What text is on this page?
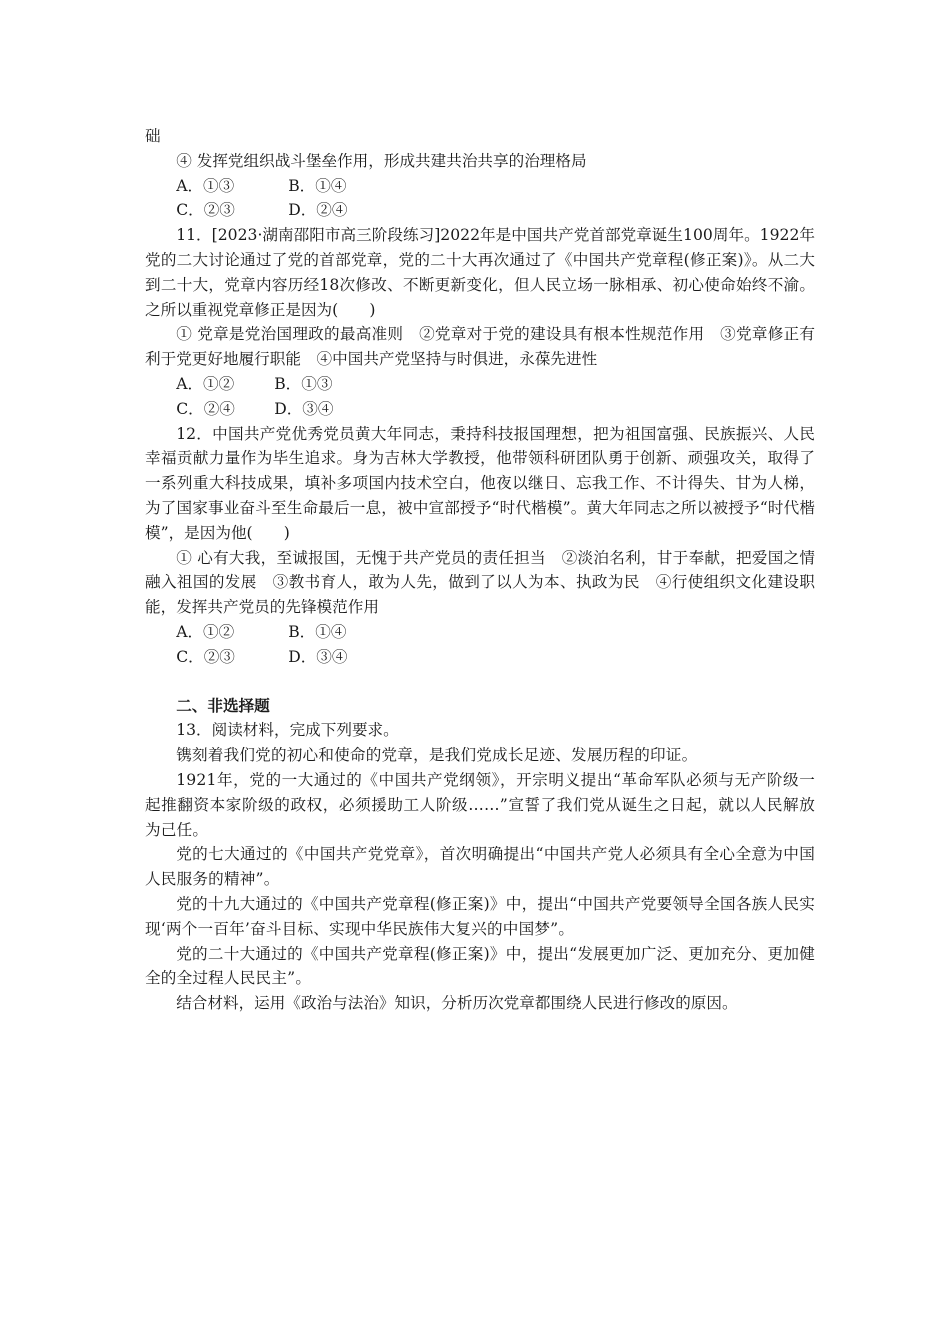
础

④ 发挥党组织战斗堡垒作用，形成共建共治共享的治理格局

A．①③	B．①④
C．②③	D．②④

11．[2023·湖南邵阳市高三阶段练习]2022年是中国共产党首部党章诞生100周年。1922年党的二大讨论通过了党的首部党章，党的二十大再次通过了《中国共产党章程(修正案)》。从二大到二十大，党章内容历经18次修改、不断更新变化，但人民立场一脉相承、初心使命始终不渝。之所以重视党章修正是因为(　　)

① 党章是党治国理政的最高准则　②党章对于党的建设具有根本性规范作用　③党章修正有利于党更好地履行职能　④中国共产党坚持与时俱进，永葆先进性

A．①②	B．①③
C．②④	D．③④

12．中国共产党优秀党员黄大年同志，秉持科技报国理想，把为祖国富强、民族振兴、人民幸福贡献力量作为毕生追求。身为吉林大学教授，他带领科研团队勇于创新、顽强攻关，取得了一系列重大科技成果，填补多项国内技术空白，他夜以继日、忘我工作、不计得失、甘为人梯，为了国家事业奋斗至生命最后一息，被中宣部授予“时代楷模”。黄大年同志之所以被授予“时代楷模”，是因为他(　　)

① 心有大我，至诚报国，无愧于共产党员的责任担当　②淡泊名利，甘于奉献，把爱国之情融入祖国的发展　③教书育人，敢为人先，做到了以人为本、执政为民　④行使组织文化建设职能，发挥共产党员的先锋模范作用

A．①②	B．①④
C．②③	D．③④

二、非选择题

13．阅读材料，完成下列要求。

镌刻着我们党的初心和使命的党章，是我们党成长足迹、发展历程的印证。

1921年，党的一大通过的《中国共产党纲领》，开宗明义提出“革命军队必须与无产阶级一起推翻资本家阶级的政权，必须援助工人阶级……”宣誓了我们党从诞生之日起，就以人民解放为己任。

党的七大通过的《中国共产党党章》，首次明确提出“中国共产党人必须具有全心全意为中国人民服务的精神”。

党的十九大通过的《中国共产党章程(修正案)》中，提出“中国共产党要领导全国各族人民实现‘两个一百年’奋斗目标、实现中华民族伟大复兴的中国梦”。

党的二十大通过的《中国共产党章程(修正案)》中，提出“发展更加广泛、更加充分、更加健全的全过程人民民主”。

结合材料，运用《政治与法治》知识，分析历次党章都围绕人民进行修改的原因。
